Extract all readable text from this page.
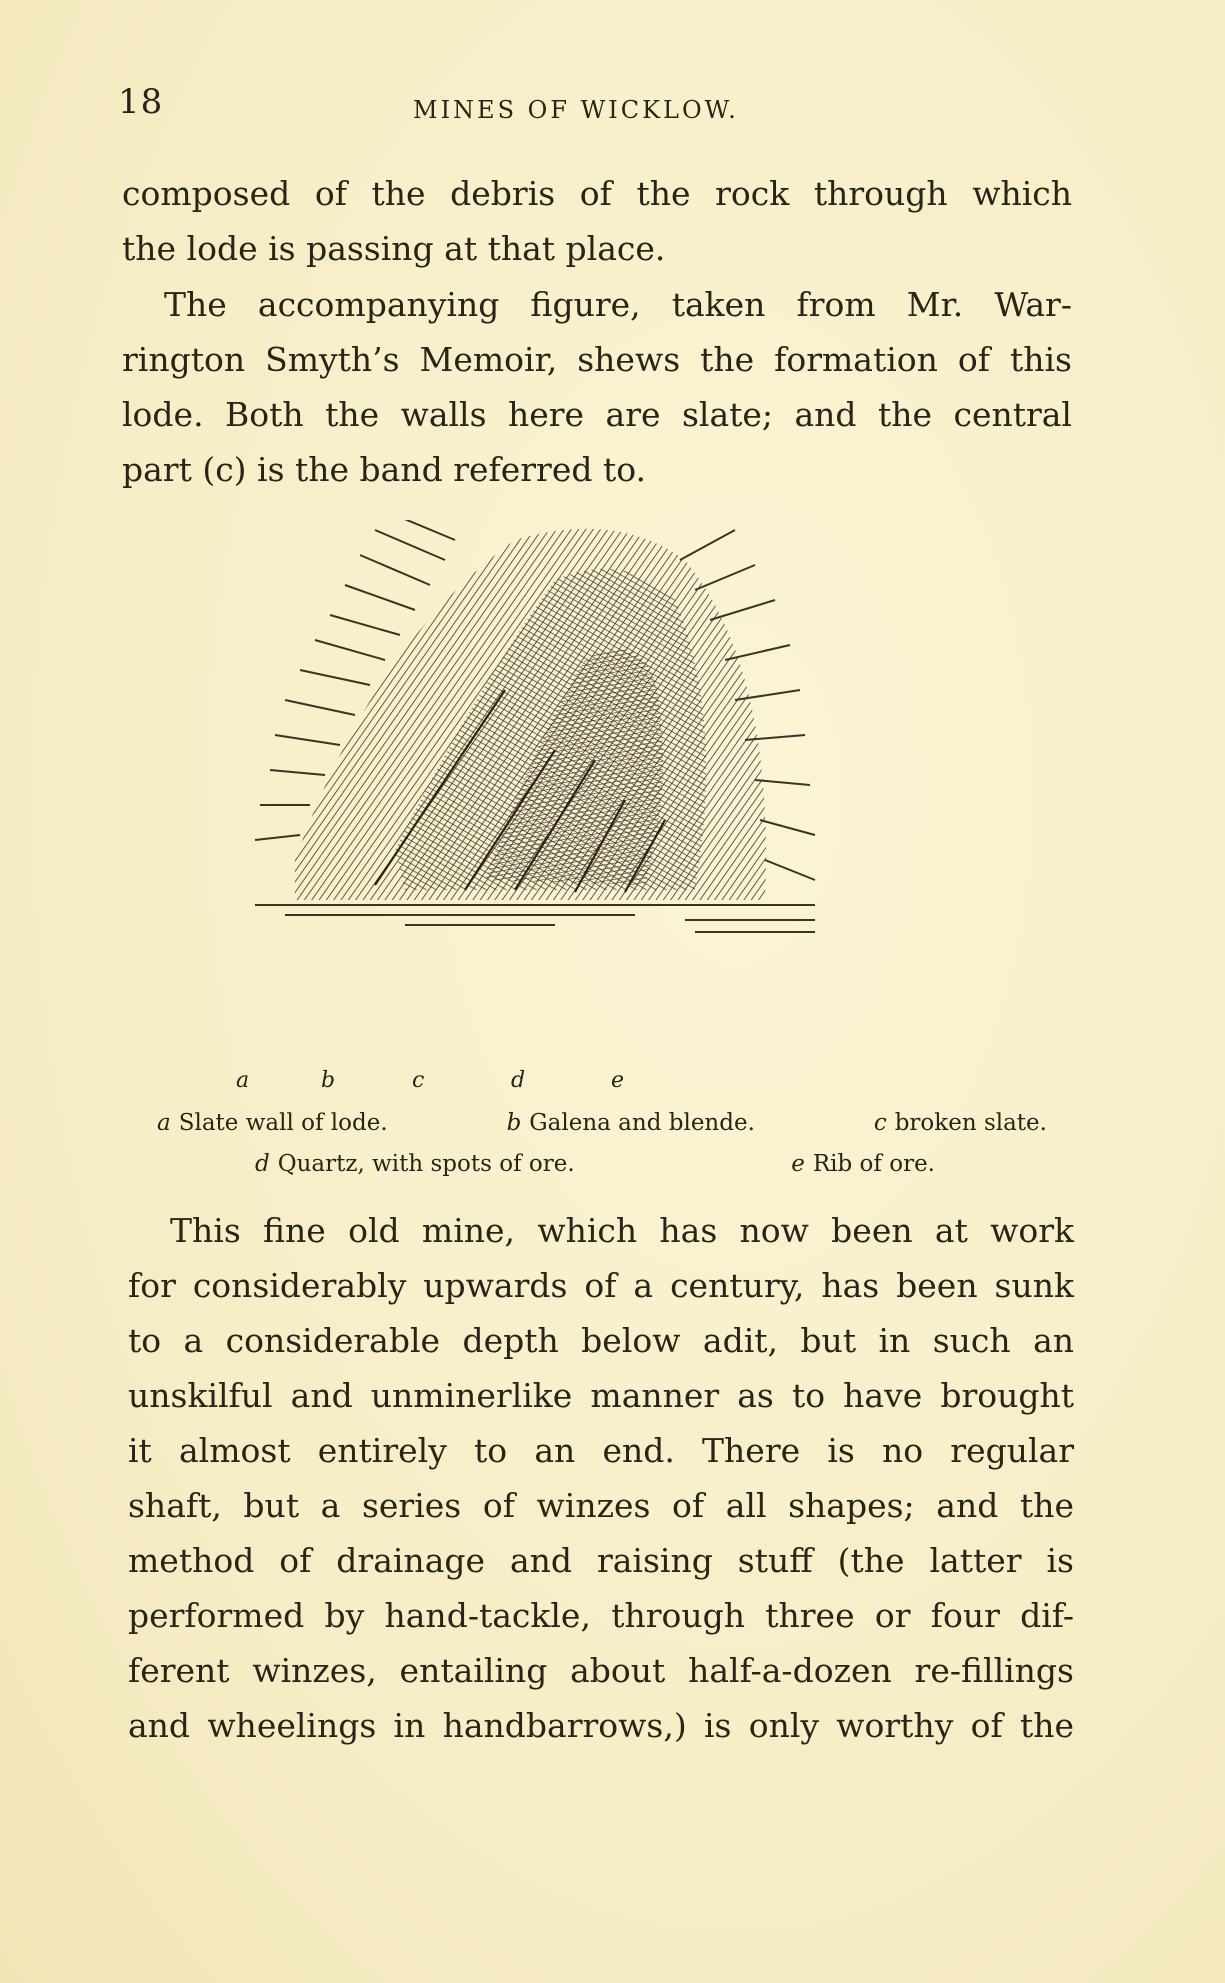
18	MINES OF WICKLOW.

composed of the debris of the rock through which
the lode is passing at that place.

The accompanying figure, taken from Mr. War-
rington Smyth’s Memoir, shews the formation of this
lode. Both the walls here are slate; and the central
part (c) is the band referred to.

a	b	c	d	e
a Slate wall of lode.	b Galena and blende.	c broken slate.
d Quartz, with spots of ore.	e Rib of ore.

This fine old mine, which has now been at work
for considerably upwards of a century, has been sunk
to a considerable depth below adit, but in such an
unskilful and unminerlike manner as to have brought
it almost entirely to an end. There is no regular
shaft, but a series of winzes of all shapes; and the
method of drainage and raising stuff (the latter is
performed by hand-tackle, through three or four dif-
ferent winzes, entailing about half-a-dozen re-fillings
and wheelings in handbarrows,) is only worthy of the
